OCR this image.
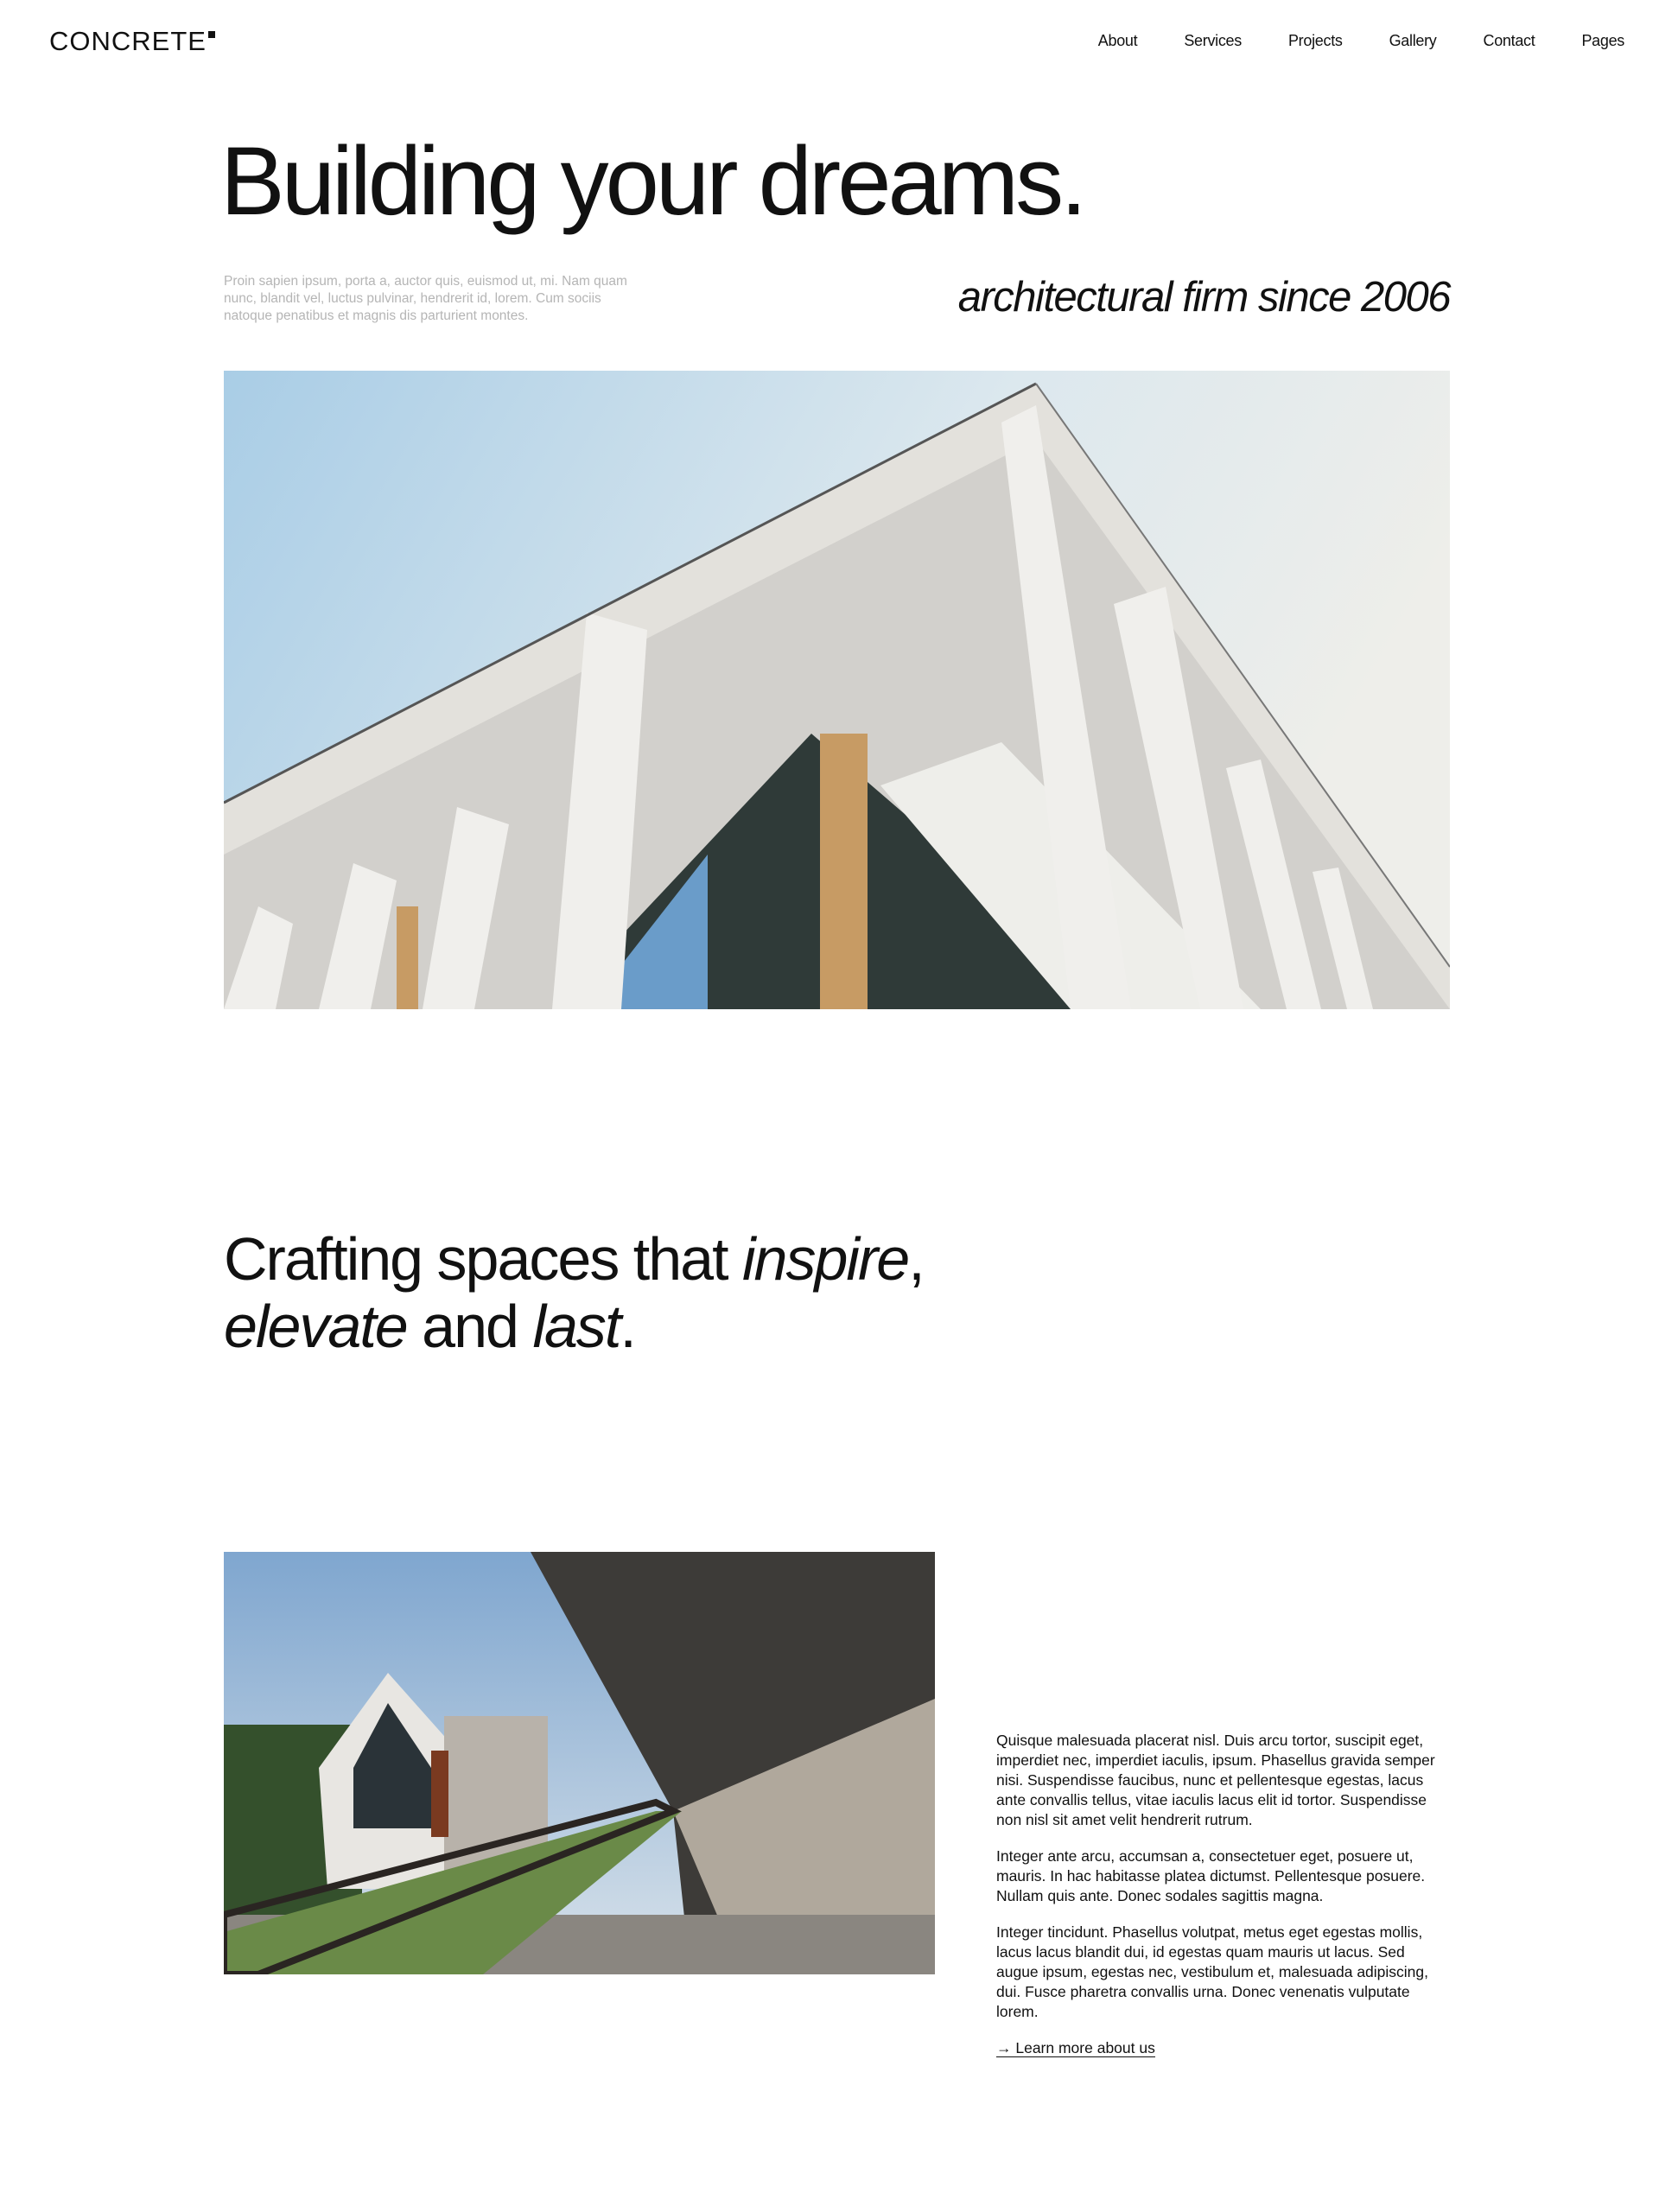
CONCRETE	About	Services	Projects	Gallery	Contact	Pages
Building your dreams.

Proin sapien ipsum, porta a, auctor quis, euismod ut, mi. Nam quam nunc, blandit vel, luctus pulvinar, hendrerit id, lorem. Cum sociis natoque penatibus et magnis dis parturient montes.	architectural firm since 2006

Crafting spaces that inspire,
elevate and last.

Quisque malesuada placerat nisl. Duis arcu tortor, suscipit eget, imperdiet nec, imperdiet iaculis, ipsum. Phasellus gravida semper nisi. Suspendisse faucibus, nunc et pellentesque egestas, lacus ante convallis tellus, vitae iaculis lacus elit id tortor. Suspendisse non nisl sit amet velit hendrerit rutrum.

Integer ante arcu, accumsan a, consectetuer eget, posuere ut, mauris. In hac habitasse platea dictumst. Pellentesque posuere. Nullam quis ante. Donec sodales sagittis magna.

Integer tincidunt. Phasellus volutpat, metus eget egestas mollis, lacus lacus blandit dui, id egestas quam mauris ut lacus. Sed augue ipsum, egestas nec, vestibulum et, malesuada adipiscing, dui. Fusce pharetra convallis urna. Donec venenatis vulputate lorem.

→ Learn more about us
